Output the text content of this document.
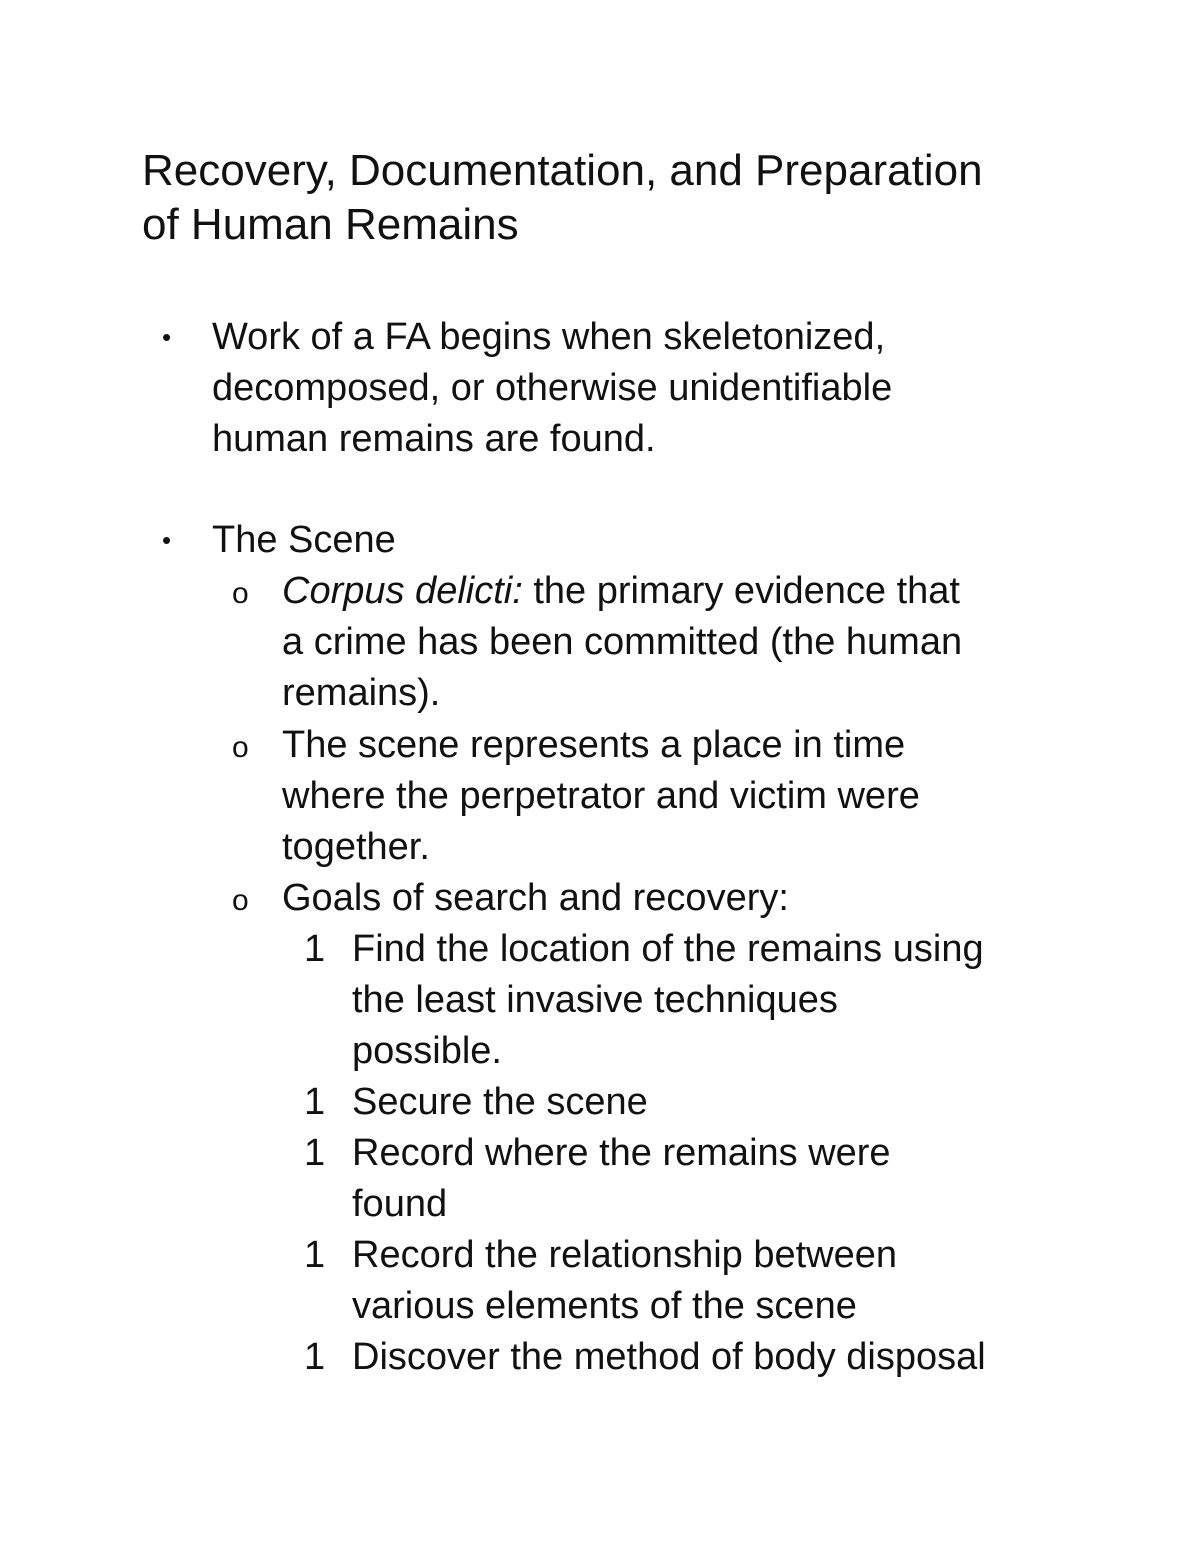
Recovery, Documentation, and Preparation
of Human Remains
• Work of a FA begins when skeletonized,
decomposed, or otherwise unidentifiable
human remains are found.
• The Scene
o Corpus delicti: the primary evidence that
a crime has been committed (the human
remains).
o The scene represents a place in time
where the perpetrator and victim were
together.
o Goals of search and recovery:
1 Find the location of the remains using
the least invasive techniques
possible.
1 Secure the scene
1 Record where the remains were
found
1 Record the relationship between
various elements of the scene
1 Discover the method of body disposal
